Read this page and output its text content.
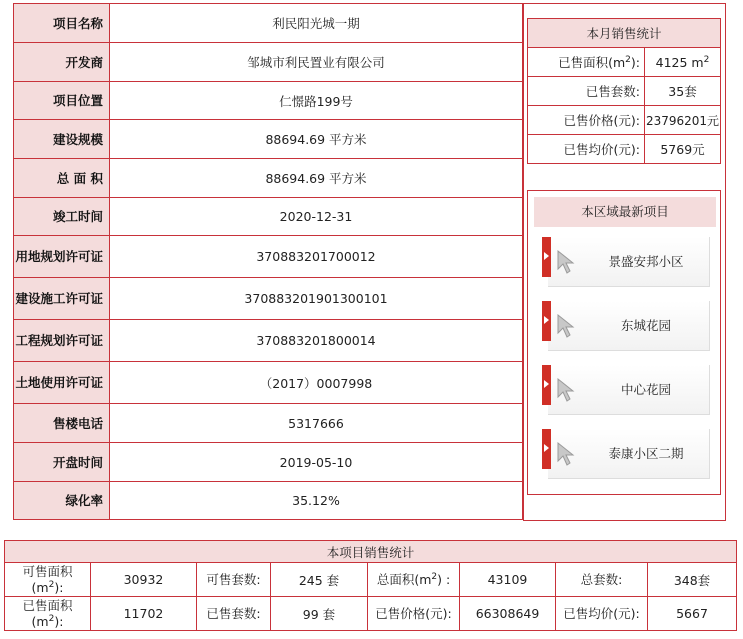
项目名称	利民阳光城一期
开发商	邹城市利民置业有限公司
项目位置	仁憬路199号
建设规模	88694.69 平方米
总 面 积	88694.69 平方米
竣工时间	2020-12-31
用地规划许可证	370883201700012
建设施工许可证	370883201901300101
工程规划许可证	370883201800014
土地使用许可证	（2017）0007998
售楼电话	5317666
开盘时间	2019-05-10
绿化率	35.12%
本月销售统计	
已售面积$(m^2)$:	4125 $m^2$
已售套数:	35套
已售价格(元):	23796201元
已售均价(元):	5769元
本区域最新项目
景盛安邦小区
东城花园
中心花园
泰康小区二期
本项目销售统计							
可售面积
$(m^2)$:	30932	可售套数:	245 套	总面积$(m^2)$ :	43109	总套数:	348套
已售面积
$(m^2)$:	11702	已售套数:	99 套	已售价格(元):	66308649	已售均价(元):	5667
